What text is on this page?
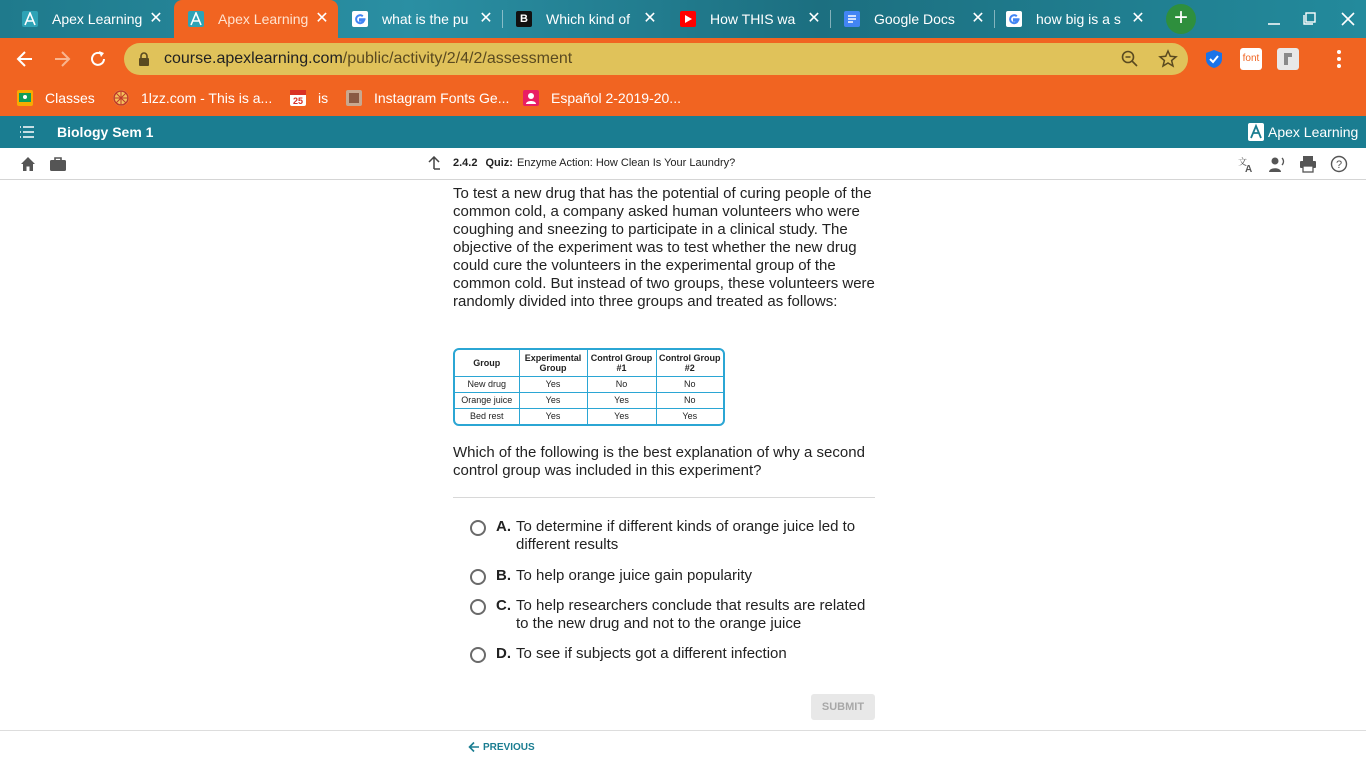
Apex Learning ✕	Apex Learning ✕	what is the pu ✕	B Which kind of ✕	How THIS wa ✕	Google Docs	✕	how big is a s ✕	+
course.apexlearning.com/public/activity/2/4/2/assessment	font
Classes	1lzz.com - This is a... 25 is	Instagram Fonts Ge...	Español 2-2019-20...
Biology Sem 1	Apex Learning
2.4.2 Quiz: Enzyme Action: How Clean Is Your Laundry?	文
A	?

To test a new drug that has the potential of curing people of the common cold, a company asked human volunteers who were coughing and sneezing to participate in a clinical study. The objective of the experiment was to test whether the new drug could cure the volunteers in the experimental group of the common cold. But instead of two groups, these volunteers were randomly divided into three groups and treated as follows:

Group	Experimental Group	Control Group #1	Control Group #2
New drug	Yes	No	No
Orange juice	Yes	Yes	No
Bed rest	Yes	Yes	Yes

Which of the following is the best explanation of why a second control group was included in this experiment?

A. To determine if different kinds of orange juice led to different results
B. To help orange juice gain popularity
C. To help researchers conclude that results are related to the new drug and not to the orange juice
D. To see if subjects got a different infection
SUBMIT
PREVIOUS
